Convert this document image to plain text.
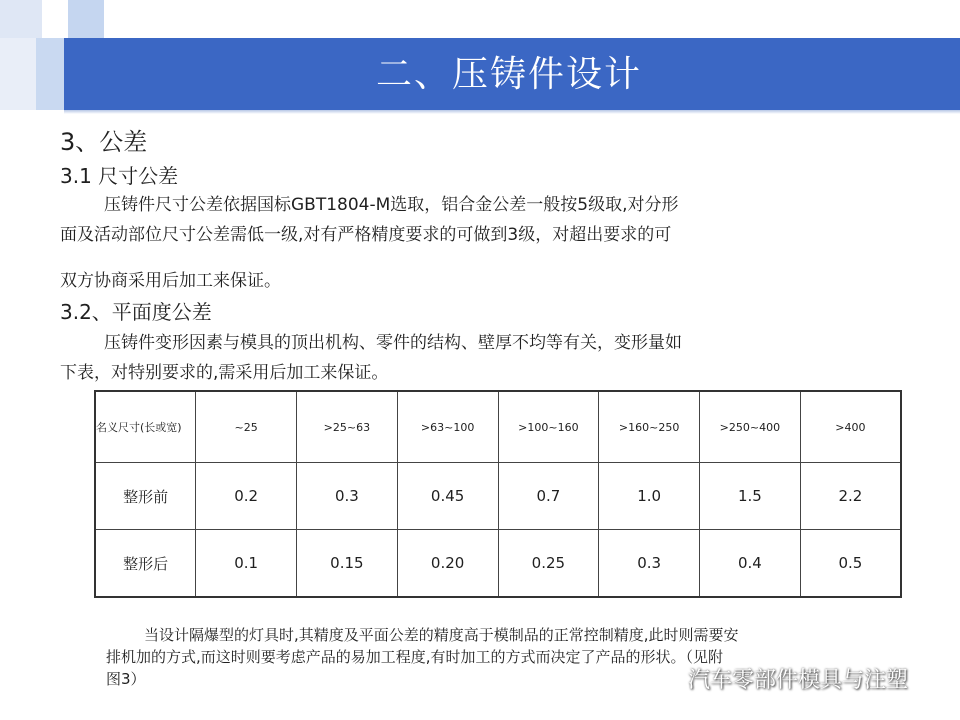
二、压铸件设计
3、公差
3.1 尺寸公差
压铸件尺寸公差依据国标GBT1804-M选取，铝合金公差一般按5级取,对分形
面及活动部位尺寸公差需低一级,对有严格精度要求的可做到3级，对超出要求的可
双方协商采用后加工来保证。
3.2、平面度公差
压铸件变形因素与模具的顶出机构、零件的结构、壁厚不均等有关，变形量如
下表，对特别要求的,需采用后加工来保证。
名义尺寸(长或宽)	~25	>25~63	>63~100	>100~160	>160~250	>250~400	>400
整形前	0.2	0.3	0.45	0.7	1.0	1.5	2.2
整形后	0.1	0.15	0.20	0.25	0.3	0.4	0.5
当设计隔爆型的灯具时,其精度及平面公差的精度高于模制品的正常控制精度,此时则需要安
排机加的方式,而这时则要考虑产品的易加工程度,有时加工的方式而决定了产品的形状。（见附
图3）	汽车零部件模具与注塑
